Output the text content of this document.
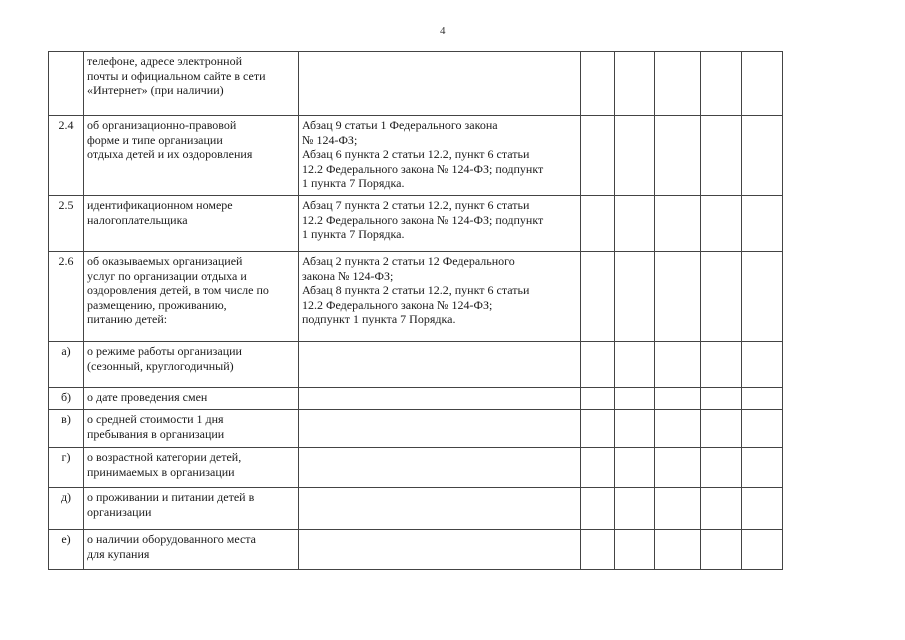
4

	телефоне, адресе электронной
почты и официальном сайте в сети
«Интернет» (при наличии)						

2.4	об организационно-правовой
форме и типе организации
отдыха детей и их оздоровления	Абзац 9 статьи 1 Федерального закона
№ 124-ФЗ;
Абзац 6 пункта 2 статьи 12.2, пункт 6 статьи
12.2 Федерального закона № 124-ФЗ; подпункт
1 пункта 7 Порядка.					

2.5	идентификационном номере
налогоплательщика	Абзац 7 пункта 2 статьи 12.2, пункт 6 статьи
12.2 Федерального закона № 124-ФЗ; подпункт
1 пункта 7 Порядка.					

2.6	об оказываемых организацией
услуг по организации отдыха и
оздоровления детей, в том числе по
размещению, проживанию,
питанию детей:	Абзац 2 пункта 2 статьи 12 Федерального
закона № 124-ФЗ;
Абзац 8 пункта 2 статьи 12.2, пункт 6 статьи
12.2 Федерального закона № 124-ФЗ;
подпункт 1 пункта 7 Порядка.					

а)	о режиме работы организации
(сезонный, круглогодичный)						

б)	о дате проведения смен						

в)	о средней стоимости 1 дня
пребывания в организации						

г)	о возрастной категории детей,
принимаемых в организации						

д)	о проживании и питании детей в
организации						

е)	о наличии оборудованного места
для купания						
